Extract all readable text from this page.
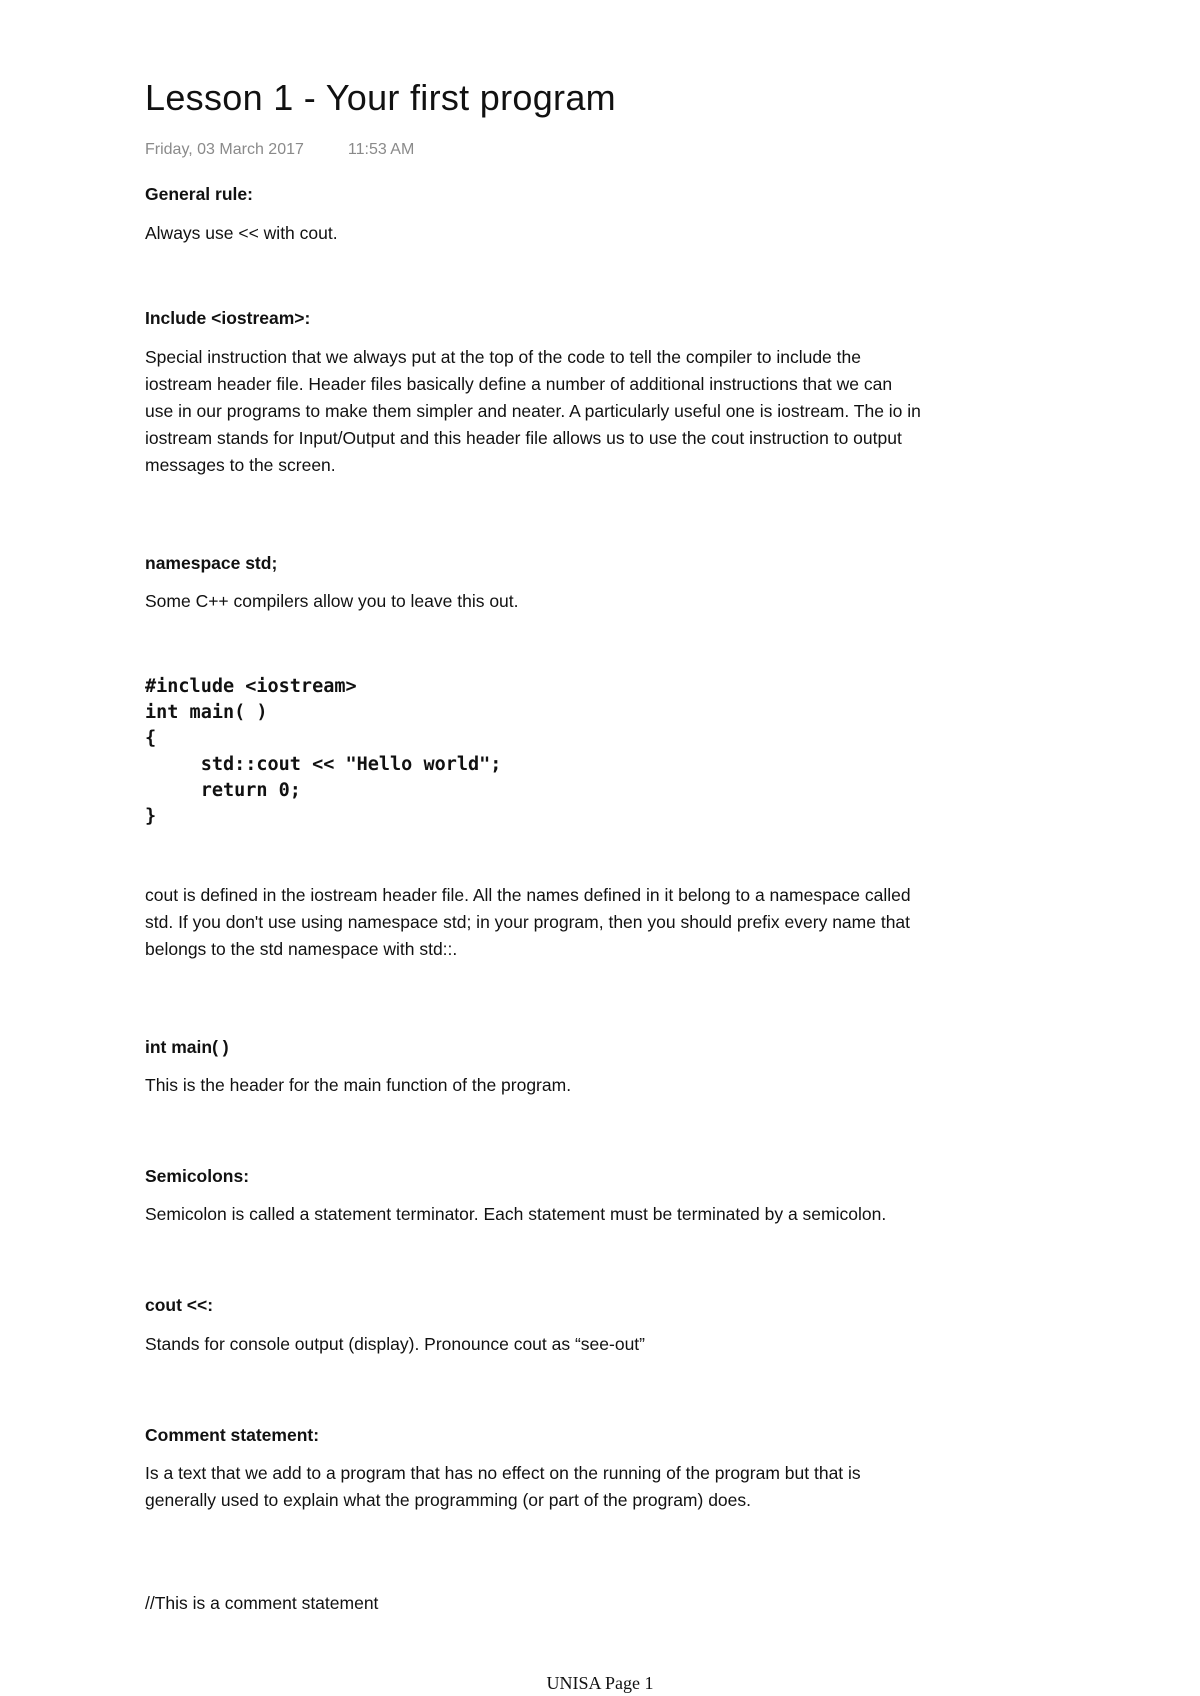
Lesson 1 - Your first program
Friday, 03 March 2017	11:53 AM
General rule:
Always use << with cout.
Include <iostream>:
Special instruction that we always put at the top of the code to tell the compiler to include the
iostream header file. Header files basically define a number of additional instructions that we can
use in our programs to make them simpler and neater. A particularly useful one is iostream. The io in
iostream stands for Input/Output and this header file allows us to use the cout instruction to output
messages to the screen.
namespace std;
Some C++ compilers allow you to leave this out.
#include <iostream>
int main( )
{
std::cout << "Hello world";
return 0;
}
cout is defined in the iostream header file. All the names defined in it belong to a namespace called
std. If you don't use using namespace std; in your program, then you should prefix every name that
belongs to the std namespace with std::.
int main( )
This is the header for the main function of the program.
Semicolons:
Semicolon is called a statement terminator. Each statement must be terminated by a semicolon.
cout <<:
Stands for console output (display). Pronounce cout as “see-out”
Comment statement:
Is a text that we add to a program that has no effect on the running of the program but that is
generally used to explain what the programming (or part of the program) does.
//This is a comment statement
UNISA Page 1
